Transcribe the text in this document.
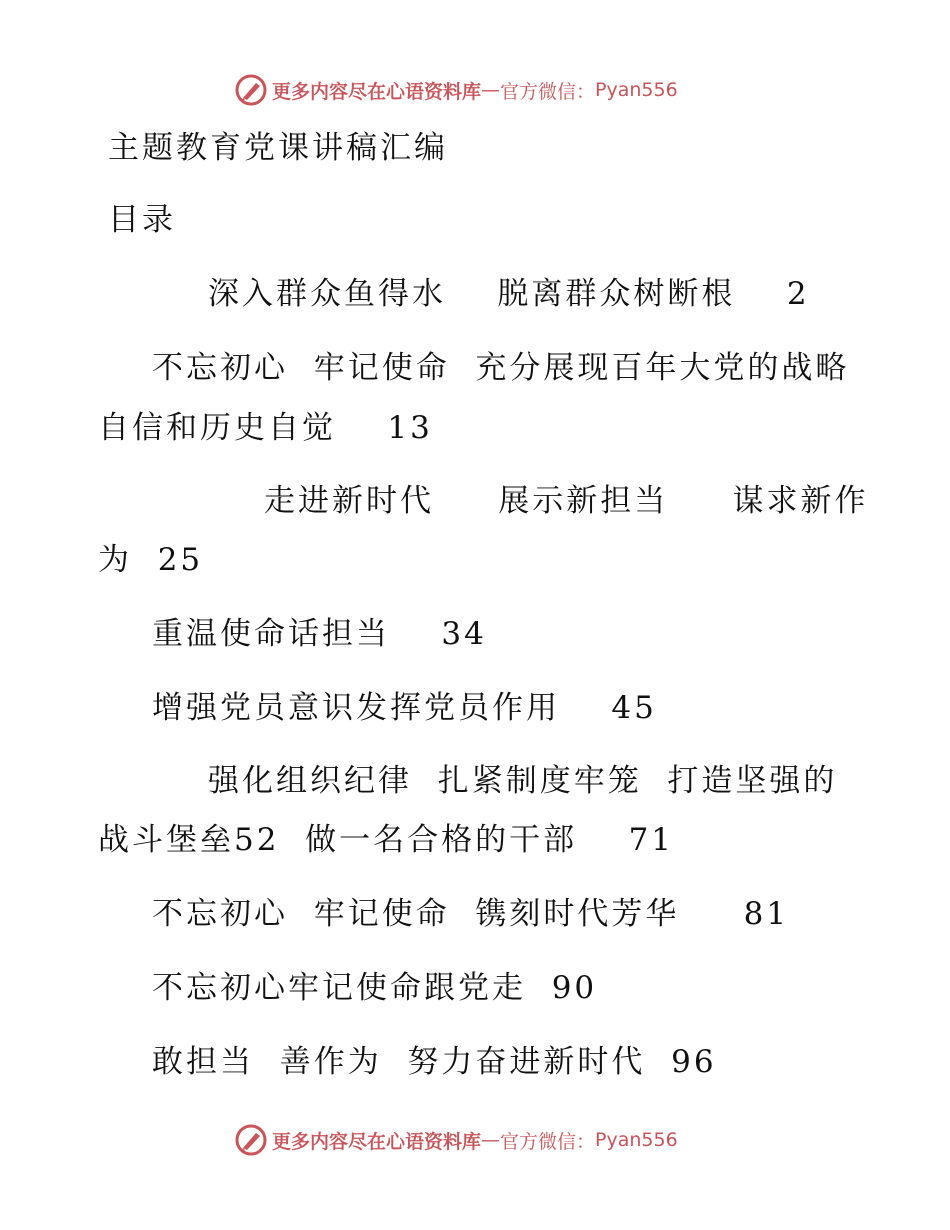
更多内容尽在心语资料库 — 官方微信： Pyan556
主题教育党课讲稿汇编
目录
深入群众鱼得水    脱离群众树断根    2
不忘初心  牢记使命  充分展现百年大党的战略
自信和历史自觉    13
走进新时代     展示新担当     谋求新作
为  25
重温使命话担当    34
增强党员意识发挥党员作用    45
强化组织纪律  扎紧制度牢笼  打造坚强的
战斗堡垒52  做一名合格的干部    71
不忘初心  牢记使命  镌刻时代芳华     81
不忘初心牢记使命跟党走  90
敢担当  善作为  努力奋进新时代  96
更多内容尽在心语资料库 — 官方微信： Pyan556
